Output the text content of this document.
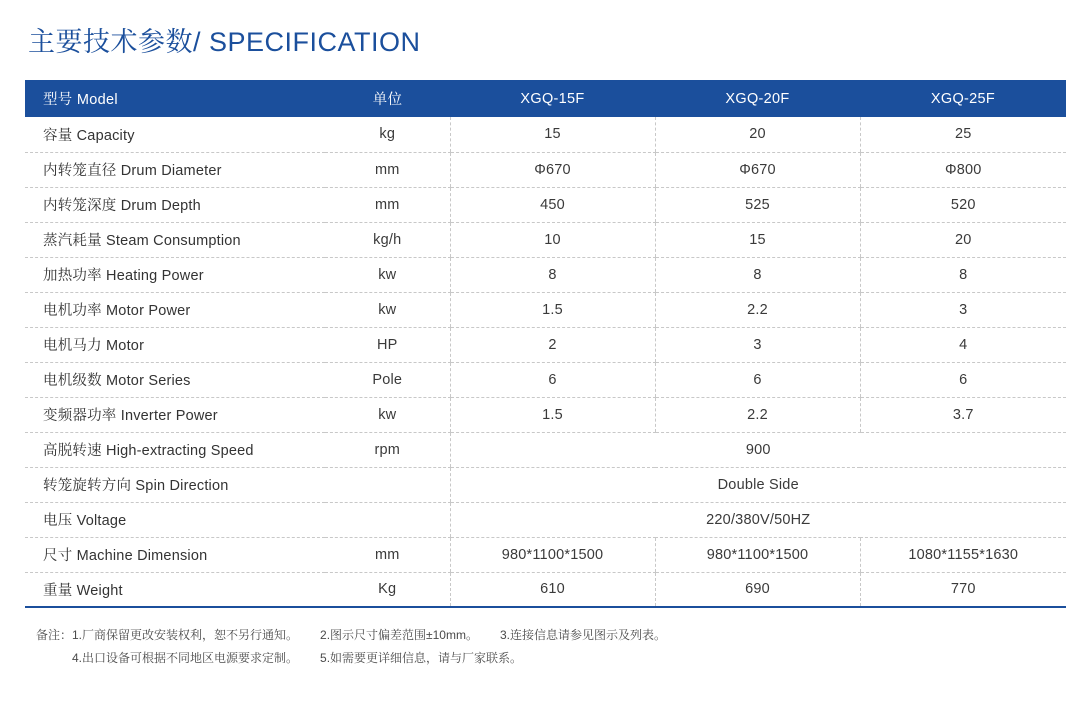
主要技术参数/ SPECIFICATION
型号 Model	单位	XGQ-15F	XGQ-20F	XGQ-25F
容量 Capacity	kg	15	20	25
内转笼直径 Drum Diameter	mm	Φ670	Φ670	Φ800
内转笼深度 Drum Depth	mm	450	525	520
蒸汽耗量 Steam Consumption	kg/h	10	15	20
加热功率 Heating Power	kw	8	8	8
电机功率 Motor Power	kw	1.5	2.2	3
电机马力 Motor	HP	2	3	4
电机级数 Motor Series	Pole	6	6	6
变频器功率 Inverter Power	kw	1.5	2.2	3.7
高脱转速 High-extracting Speed	rpm	900		
转笼旋转方向 Spin Direction		Double Side		
电压 Voltage		220/380V/50HZ		
尺寸 Machine Dimension	mm	980*1100*1500	980*1100*1500	1080*1155*1630
重量 Weight	Kg	610	690	770
备注：1.厂商保留更改安装权利，恕不另行通知。 2.图示尺寸偏差范围±10mm。 3.连接信息请参见图示及列表。
4.出口设备可根据不同地区电源要求定制。 5.如需要更详细信息，请与厂家联系。
